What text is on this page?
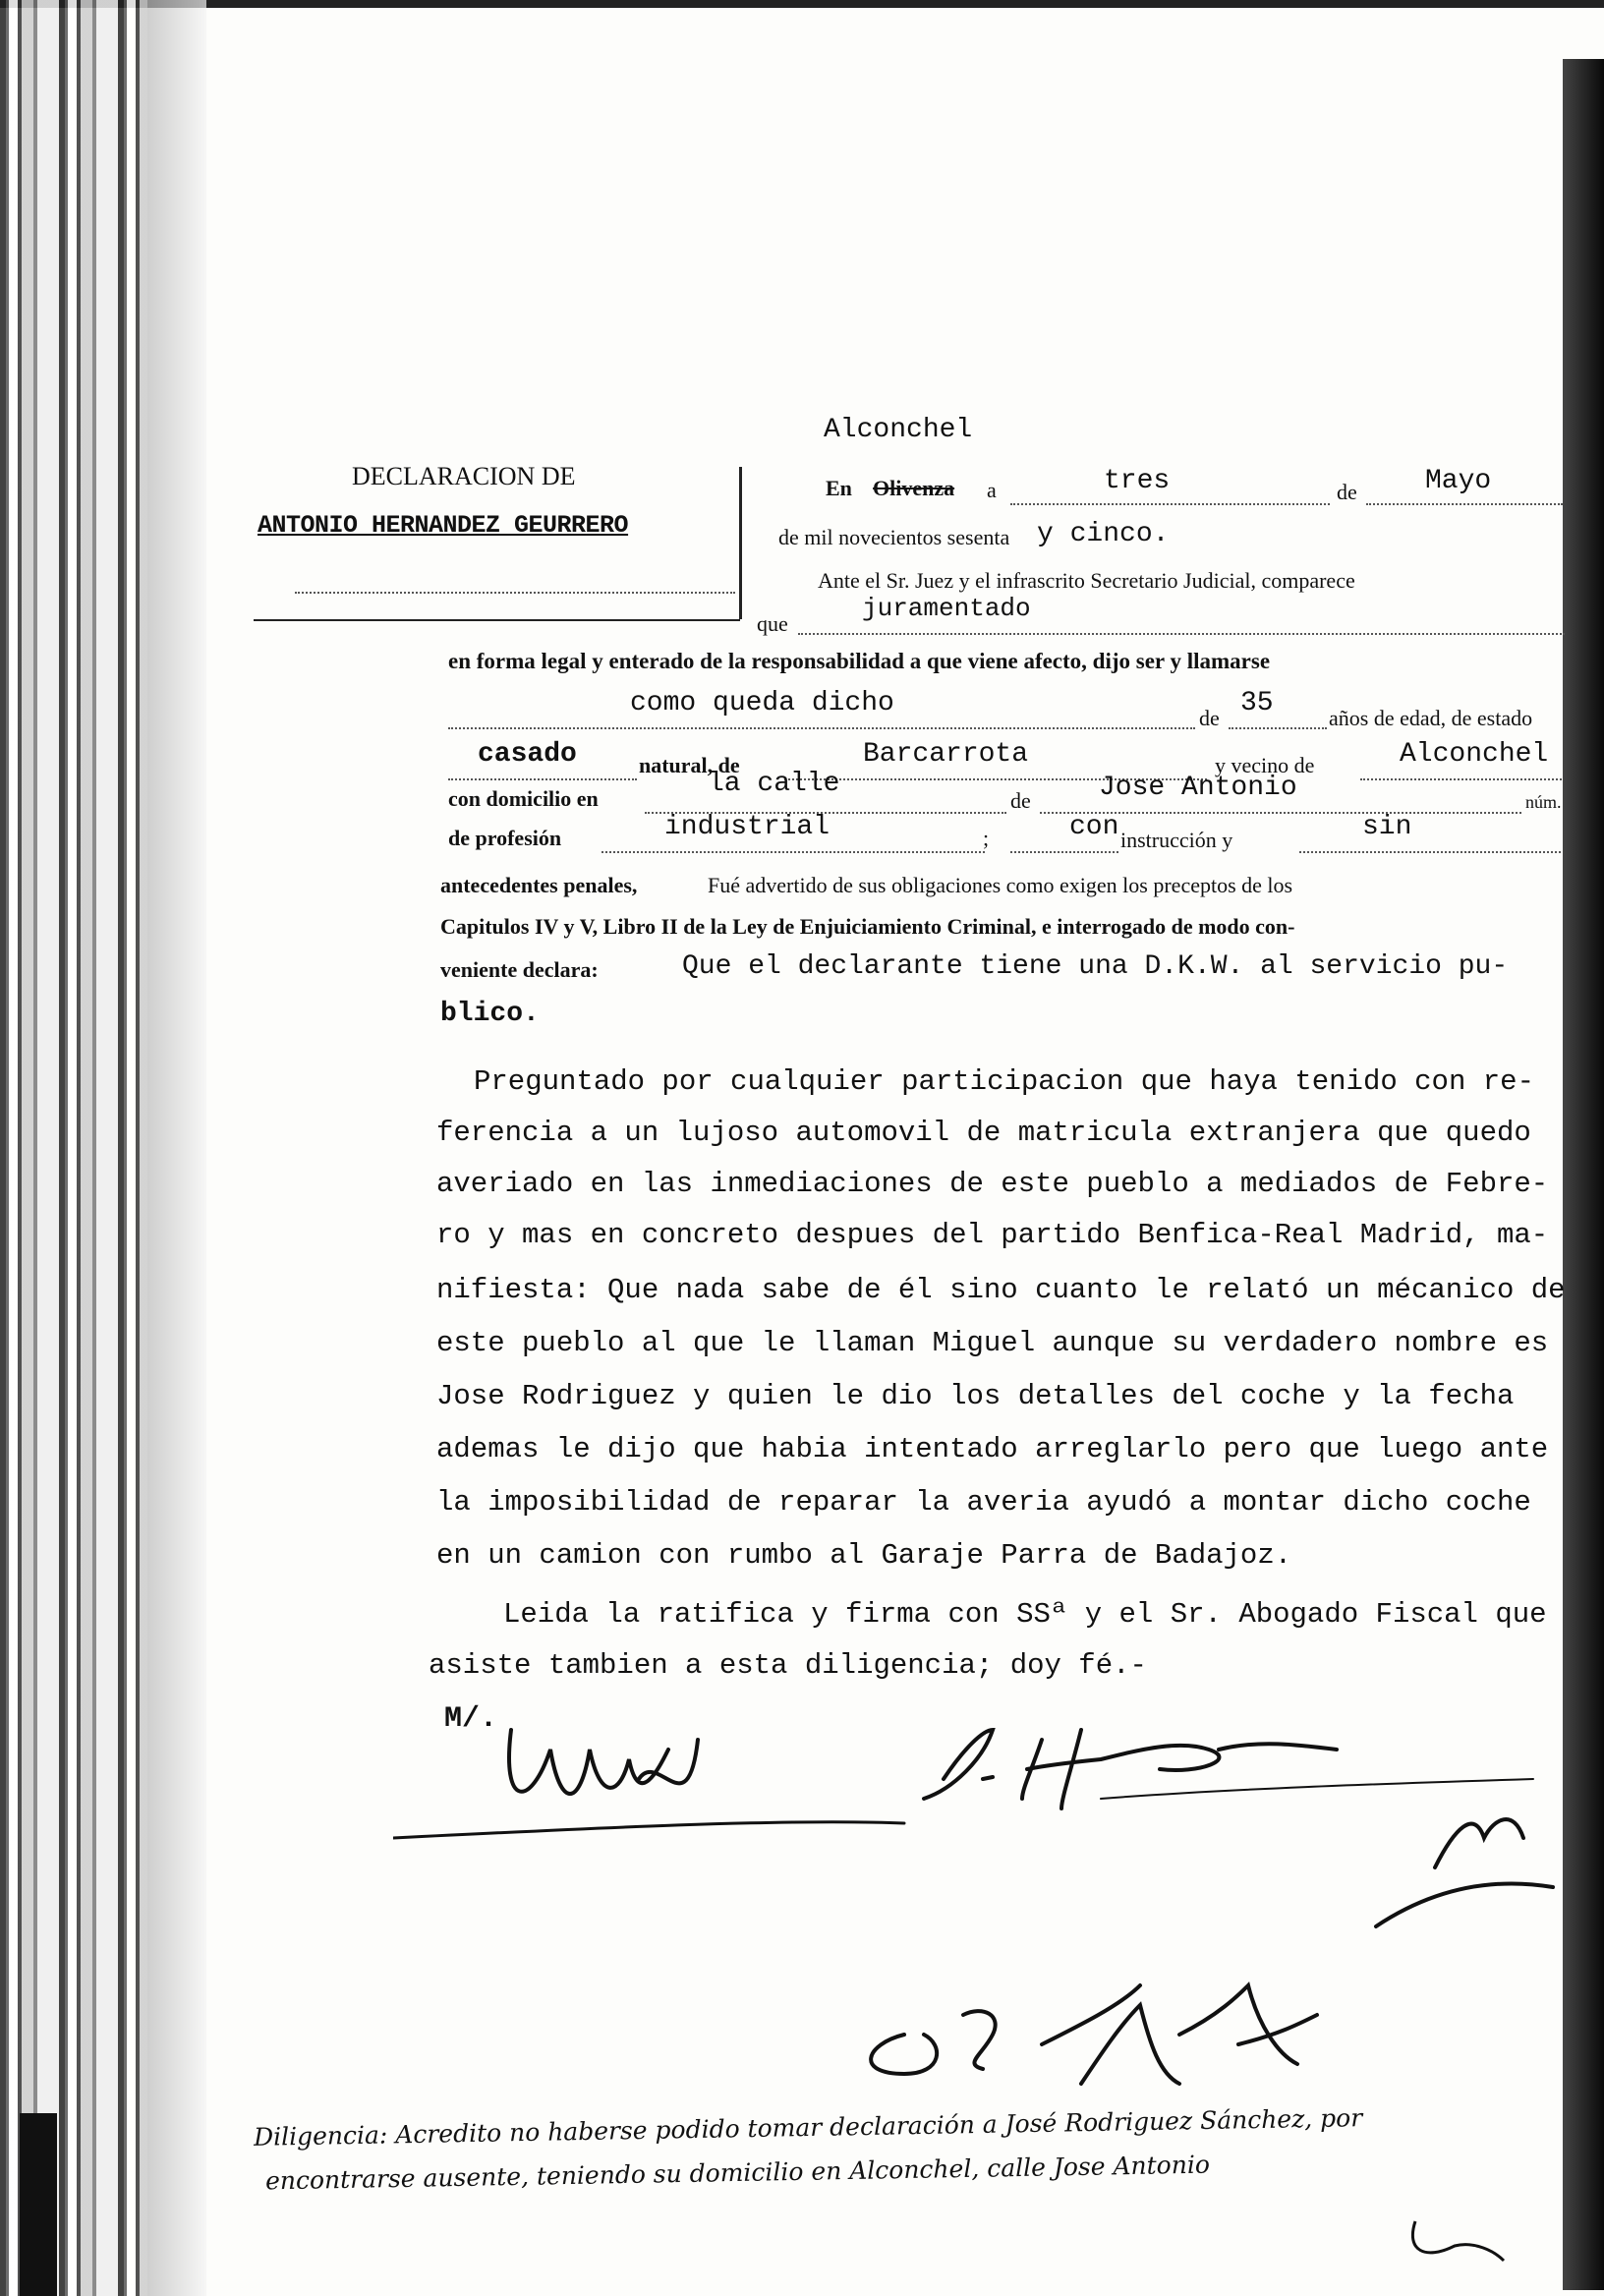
Alconchel
En Olivenza a	tres	de Mayo
de mil novecientos sesenta y cinco.
DECLARACION DE
ANTONIO HERNANDEZ GEURRERO
Ante el Sr. Juez y el infrascrito Secretario Judicial, comparece
que
juramentado
en forma legal y enterado de la responsabilidad a que viene afecto, dijo ser y llamarse
como queda dicho	de 35	años de edad, de estado
casado	natural, de	Barcarrota	y vecino de	Alconchel
con domicilio en	la calle
de Jose Antonio	núm.
de profesión	industrial	;	con instrucción y	sin
antecedentes penales,	Fué advertido de sus obligaciones como exigen los preceptos de los
Capitulos IV y V, Libro II de la Ley de Enjuiciamiento Criminal, e interrogado de modo con-
veniente declara:	Que el declarante tiene una D.K.W. al servicio pu-
blico.
Preguntado por cualquier participacion que haya tenido con re-
ferencia a un lujoso automovil de matricula extranjera que quedo
averiado en las inmediaciones de este pueblo a mediados de Febre-
ro y mas en concreto despues del partido Benfica-Real Madrid, ma-
nifiesta: Que nada sabe de él sino cuanto le relató un mécanico de
este pueblo al que le llaman Miguel aunque su verdadero nombre es
Jose Rodriguez y quien le dio los detalles del coche y la fecha
ademas le dijo que habia intentado arreglarlo pero que luego ante
la imposibilidad de reparar la averia ayudó a montar dicho coche
en un camion con rumbo al Garaje Parra de Badajoz.
Leida la ratifica y firma con SSª y el Sr. Abogado Fiscal que
asiste tambien a esta diligencia; doy fé.-
M/.
Diligencia: Acredito no haberse podido tomar declaración a José Rodriguez Sánchez, por
encontrarse ausente, teniendo su domicilio en Alconchel, calle Jose Antonio
